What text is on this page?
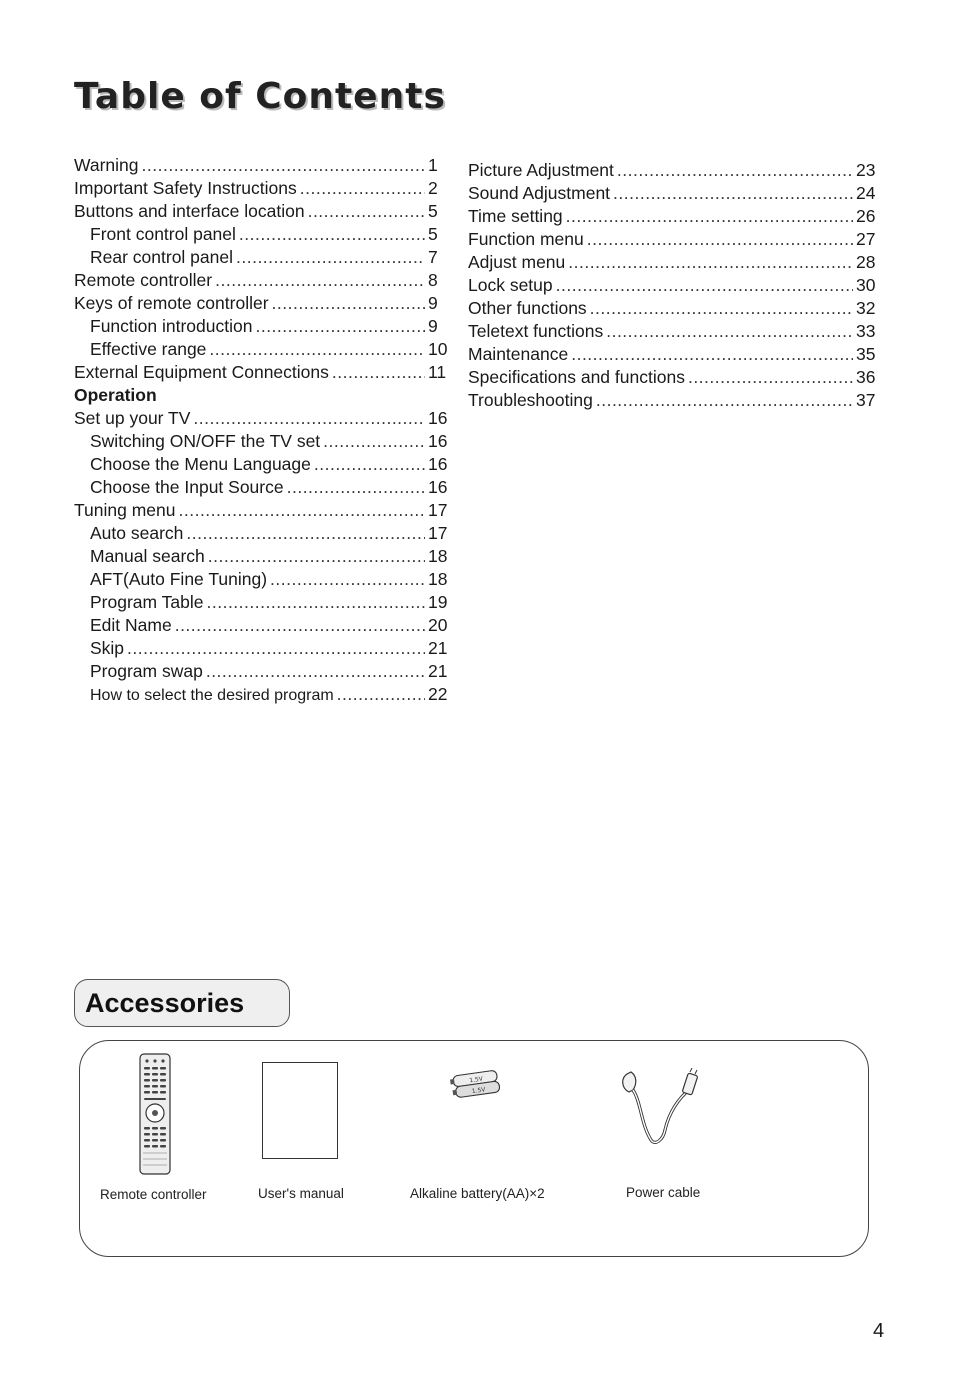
Table of Contents
Warning .....	1
Important Safety Instructions .....	2
Buttons and interface location .....	5
Front control panel .....	5
Rear control panel .....	7
Remote controller .....	8
Keys of remote controller .....	9
Function introduction .....	9
Effective range .....	10
External Equipment Connections .....	11
Operation
Set up your TV .....	16
Switching ON/OFF the TV set .....	16
Choose the Menu Language .....	16
Choose the Input Source .....	16
Tuning menu .....	17
Auto search .....	17
Manual search .....	18
AFT(Auto Fine Tuning) .....	18
Program Table .....	19
Edit Name .....	20
Skip .....	21
Program swap .....	21
How to select the desired program .....	22
Picture Adjustment .....	23
Sound Adjustment .....	24
Time setting .....	26
Function menu .....	27
Adjust menu .....	28
Lock setup .....	30
Other functions .....	32
Teletext functions .....	33
Maintenance .....	35
Specifications and functions .....	36
Troubleshooting .....	37
Accessories
Remote controller	User's manual
1.5V
1.5V
Alkaline battery(AA)×2	Power cable
4
